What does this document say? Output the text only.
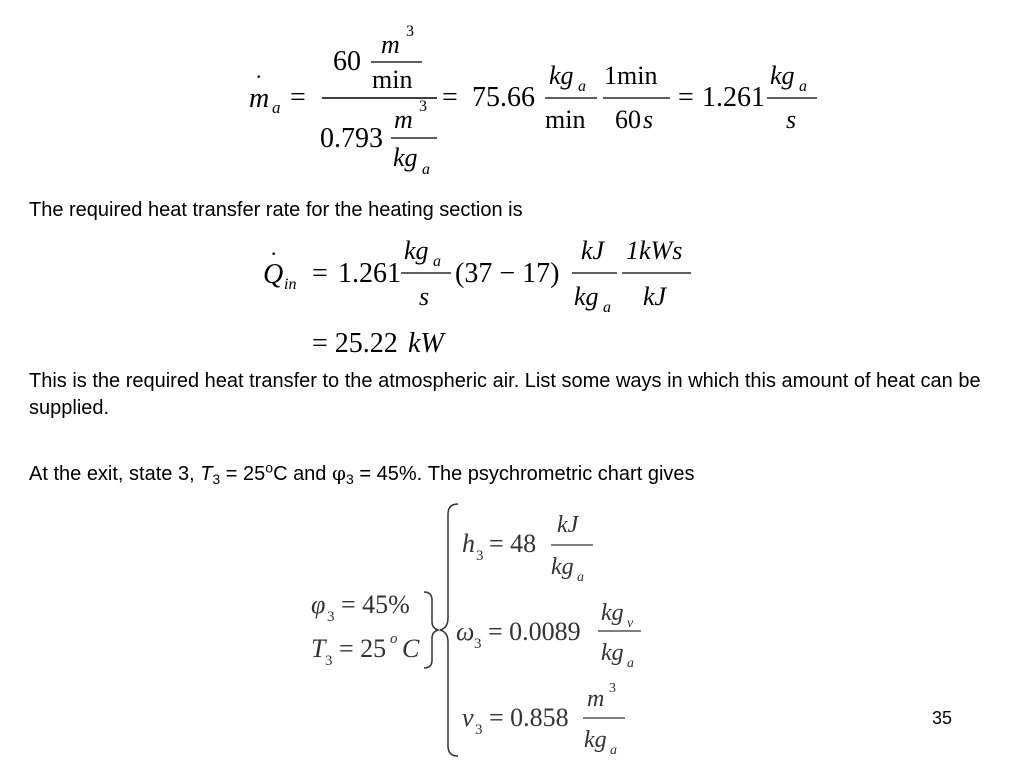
m
·
a =
60
m 3
min
0.793
m 3
kg a
= 75.66
kg a
min
1min
60 s
= 1.261
kg a
s

The required heat transfer rate for the heating section is

Q
·
in = 1.261
kg a
s
(37 − 17)
kJ
kg a
1kWs
kJ
= 25.22 kW

This is the required heat transfer to the atmospheric air. List some ways in which this amount of heat can be supplied.

At the exit, state 3, $T_3 = 25^oC$ and $\varphi_3 = 45\%$. The psychrometric chart gives

φ 3 = 45%
T 3 = 25 o C
h 3 = 48
kJ
kg a
ω 3 = 0.0089
kg v
kg a
v 3 = 0.858
m 3
kg a
35
